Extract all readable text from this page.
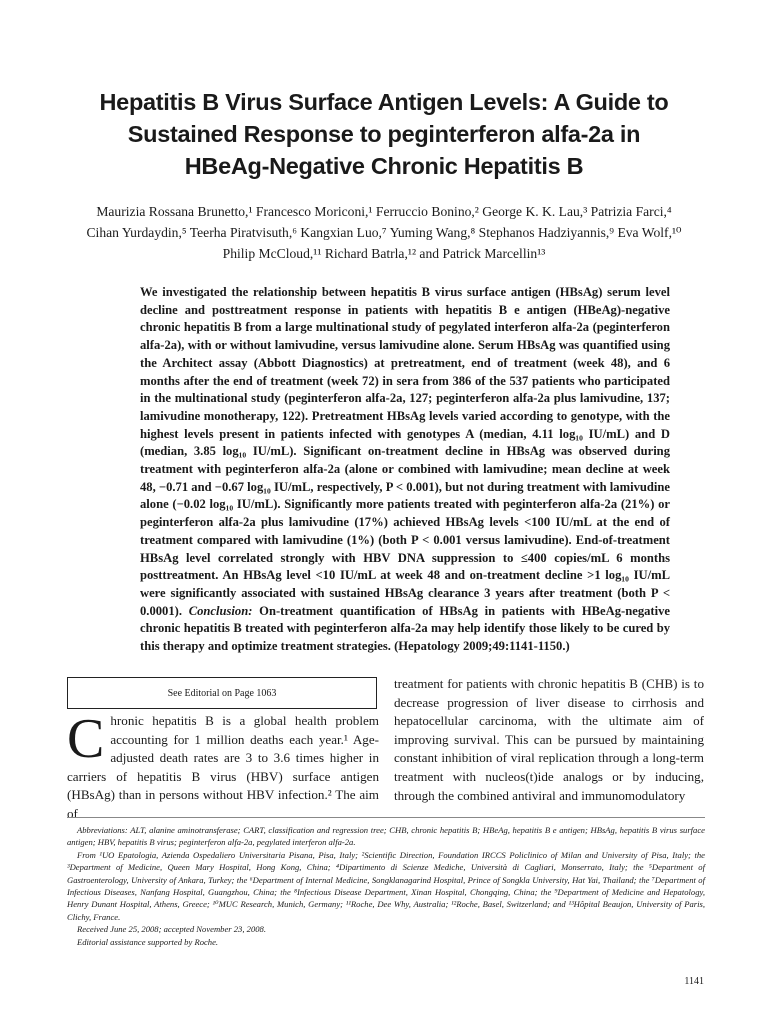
Hepatitis B Virus Surface Antigen Levels: A Guide to
Sustained Response to peginterferon alfa-2a in
HBeAg-Negative Chronic Hepatitis B
Maurizia Rossana Brunetto,¹ Francesco Moriconi,¹ Ferruccio Bonino,² George K. K. Lau,³ Patrizia Farci,⁴
Cihan Yurdaydin,⁵ Teerha Piratvisuth,⁶ Kangxian Luo,⁷ Yuming Wang,⁸ Stephanos Hadziyannis,⁹ Eva Wolf,¹⁰
Philip McCloud,¹¹ Richard Batrla,¹² and Patrick Marcellin¹³
We investigated the relationship between hepatitis B virus surface antigen (HBsAg) serum level decline and posttreatment response in patients with hepatitis B e antigen (HBeAg)-negative chronic hepatitis B from a large multinational study of pegylated interferon alfa-2a (peginterferon alfa-2a), with or without lamivudine, versus lamivudine alone. Serum HBsAg was quantified using the Architect assay (Abbott Diagnostics) at pretreatment, end of treatment (week 48), and 6 months after the end of treatment (week 72) in sera from 386 of the 537 patients who participated in the multinational study (peginterferon alfa-2a, 127; peginterferon alfa-2a plus lamivudine, 137; lamivudine monotherapy, 122). Pretreatment HBsAg levels varied according to genotype, with the highest levels present in patients infected with genotypes A (median, 4.11 log₁₀ IU/mL) and D (median, 3.85 log₁₀ IU/mL). Significant on-treatment decline in HBsAg was observed during treatment with peginterferon alfa-2a (alone or combined with lamivudine; mean decline at week 48, −0.71 and −0.67 log₁₀ IU/mL, respectively, P < 0.001), but not during treatment with lamivudine alone (−0.02 log₁₀ IU/mL). Significantly more patients treated with peginterferon alfa-2a (21%) or peginterferon alfa-2a plus lamivudine (17%) achieved HBsAg levels <100 IU/mL at the end of treatment compared with lamivudine (1%) (both P < 0.001 versus lamivudine). End-of-treatment HBsAg level correlated strongly with HBV DNA suppression to ≤400 copies/mL 6 months posttreatment. An HBsAg level <10 IU/mL at week 48 and on-treatment decline >1 log₁₀ IU/mL were significantly associated with sustained HBsAg clearance 3 years after treatment (both P < 0.0001). Conclusion: On-treatment quantification of HBsAg in patients with HBeAg-negative chronic hepatitis B treated with peginterferon alfa-2a may help identify those likely to be cured by this therapy and optimize treatment strategies. (Hepatology 2009;49:1141-1150.)
See Editorial on Page 1063
Chronic hepatitis B is a global health problem accounting for 1 million deaths each year.¹ Age-adjusted death rates are 3 to 3.6 times higher in carriers of hepatitis B virus (HBV) surface antigen (HBsAg) than in persons without HBV infection.² The aim of
treatment for patients with chronic hepatitis B (CHB) is to decrease progression of liver disease to cirrhosis and hepatocellular carcinoma, with the ultimate aim of improving survival. This can be pursued by maintaining constant inhibition of viral replication through a long-term treatment with nucleos(t)ide analogs or by inducing, through the combined antiviral and immunomodulatory

Abbreviations: ALT, alanine aminotransferase; CART, classification and regression tree; CHB, chronic hepatitis B; HBeAg, hepatitis B e antigen; HBsAg, hepatitis B virus surface antigen; HBV, hepatitis B virus; peginterferon alfa-2a, pegylated interferon alfa-2a.

From ¹UO Epatologia, Azienda Ospedaliero Universitaria Pisana, Pisa, Italy; ²Scientific Direction, Foundation IRCCS Policlinico of Milan and University of Pisa, Italy; the ³Department of Medicine, Queen Mary Hospital, Hong Kong, China; ⁴Dipartimento di Scienze Mediche, Università di Cagliari, Monserrato, Italy; the ⁵Department of Gastroenterology, University of Ankara, Turkey; the ⁶Department of Internal Medicine, Songklanagarind Hospital, Prince of Songkla University, Hat Yai, Thailand; the ⁷Department of Infectious Diseases, Nanfang Hospital, Guangzhou, China; the ⁸Infectious Disease Department, Xinan Hospital, Chongqing, China; the ⁹Department of Medicine and Hepatology, Henry Dunant Hospital, Athens, Greece; ¹⁰MUC Research, Munich, Germany; ¹¹Roche, Dee Why, Australia; ¹²Roche, Basel, Switzerland; and ¹³Hôpital Beaujon, University of Paris, Clichy, France.

Received June 25, 2008; accepted November 23, 2008.

Editorial assistance supported by Roche.

1141
